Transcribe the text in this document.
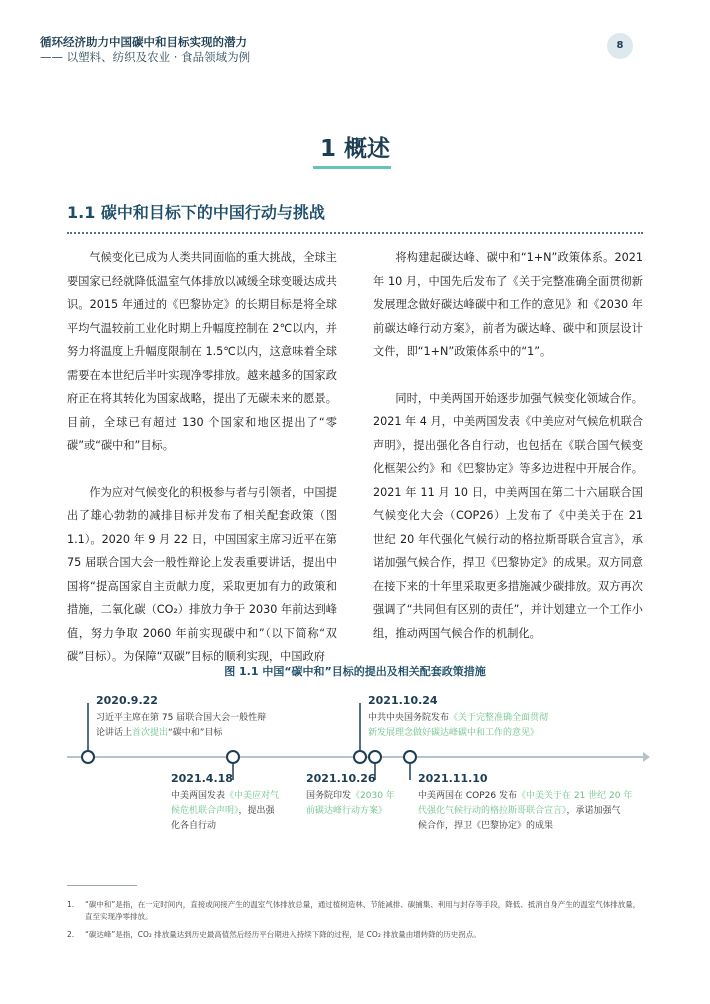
循环经济助力中国碳中和目标实现的潜力
—— 以塑料、纺织及农业 · 食品领域为例
8
1 概述
1.1 碳中和目标下的中国行动与挑战

气候变化已成为人类共同面临的重大挑战，全球主要国家已经就降低温室气体排放以减缓全球变暖达成共识。2015 年通过的《巴黎协定》的长期目标是将全球平均气温较前工业化时期上升幅度控制在 2℃以内，并努力将温度上升幅度限制在 1.5℃以内，这意味着全球需要在本世纪后半叶实现净零排放。越来越多的国家政府正在将其转化为国家战略，提出了无碳未来的愿景。目前，全球已有超过 130 个国家和地区提出了“零碳”或“碳中和”目标。

作为应对气候变化的积极参与者与引领者，中国提出了雄心勃勃的减排目标并发布了相关配套政策（图 1.1）。2020 年 9 月 22 日，中国国家主席习近平在第 75 届联合国大会一般性辩论上发表重要讲话，提出中国将“提高国家自主贡献力度，采取更加有力的政策和措施，二氧化碳（CO₂）排放力争于 2030 年前达到峰值，努力争取 2060 年前实现碳中和”（以下简称“双碳”目标）。为保障“双碳”目标的顺利实现，中国政府

将构建起碳达峰、碳中和“1+N”政策体系。2021 年 10 月，中国先后发布了《关于完整准确全面贯彻新发展理念做好碳达峰碳中和工作的意见》和《2030 年前碳达峰行动方案》，前者为碳达峰、碳中和顶层设计文件，即“1+N”政策体系中的“1”。

同时，中美两国开始逐步加强气候变化领域合作。2021 年 4 月，中美两国发表《中美应对气候危机联合声明》，提出强化各自行动，也包括在《联合国气候变化框架公约》和《巴黎协定》等多边进程中开展合作。2021 年 11 月 10 日，中美两国在第二十六届联合国气候变化大会（COP26）上发布了《中美关于在 21 世纪 20 年代强化气候行动的格拉斯哥联合宣言》，承诺加强气候合作，捍卫《巴黎协定》的成果。双方同意在接下来的十年里采取更多措施减少碳排放。双方再次强调了“共同但有区别的责任”，并计划建立一个工作小组，推动两国气候合作的机制化。

图 1.1 中国“碳中和”目标的提出及相关配套政策措施
2020.9.22
习近平主席在第 75 届联合国大会一般性辩
论讲话上首次提出“碳中和”目标
2021.4.18
中美两国发表《中美应对气
候危机联合声明》，提出强
化各自行动
2021.10.26
国务院印发《2030 年
前碳达峰行动方案》
2021.10.24
中共中央国务院发布《关于完整准确全面贯彻
新发展理念做好碳达峰碳中和工作的意见》
2021.11.10
中美两国在 COP26 发布《中美关于在 21 世纪 20 年
代强化气候行动的格拉斯哥联合宣言》，承诺加强气
候合作，捍卫《巴黎协定》的成果
1. “碳中和”是指，在一定时间内，直接或间接产生的温室气体排放总量，通过植树造林、节能减排、碳捕集、利用与封存等手段，降低、抵消自身产生的温室气体排放量，直至实现净零排放。
2. “碳达峰”是指，CO₂ 排放量达到历史最高值然后经历平台期进入持续下降的过程，是 CO₂ 排放量由增转降的历史拐点。
